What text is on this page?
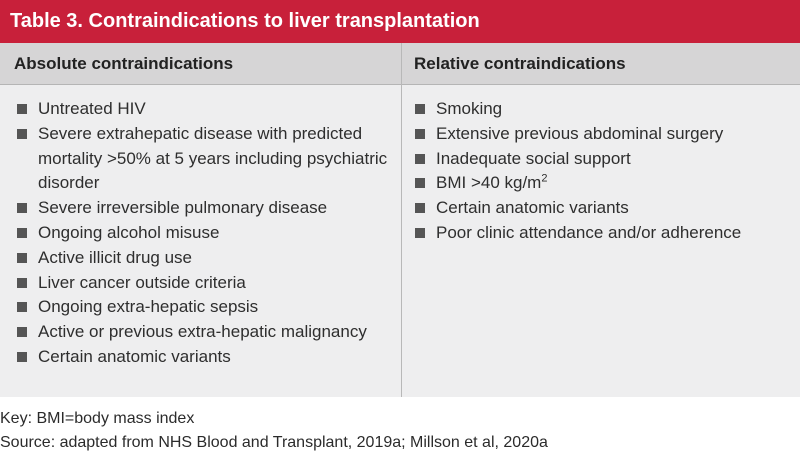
Table 3. Contraindications to liver transplantation
Absolute contraindications	Relative contraindications
Untreated HIV
Severe extrahepatic disease with predicted mortality >50% at 5 years including psychiatric disorder
Severe irreversible pulmonary disease
Ongoing alcohol misuse
Active illicit drug use
Liver cancer outside criteria
Ongoing extra-hepatic sepsis
Active or previous extra-hepatic malignancy
Certain anatomic variants
Smoking
Extensive previous abdominal surgery
Inadequate social support
BMI >40 $kg/m^2$
Certain anatomic variants
Poor clinic attendance and/or adherence
Key: BMI=body mass index
Source: adapted from NHS Blood and Transplant, 2019a; Millson et al, 2020a
